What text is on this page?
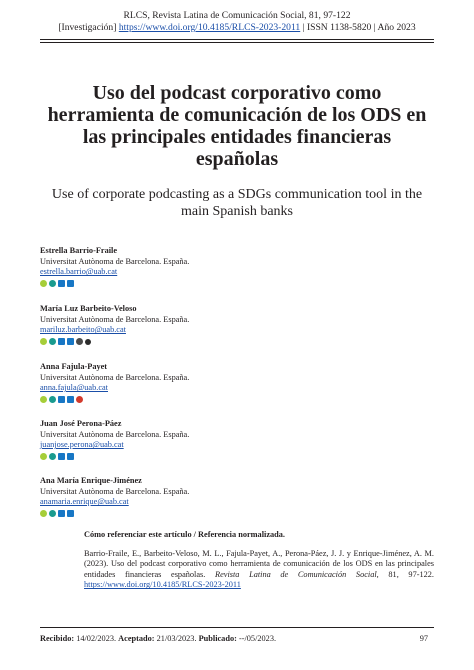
RLCS, Revista Latina de Comunicación Social, 81, 97-122
[Investigación] https://www.doi.org/10.4185/RLCS-2023-2011 | ISSN 1138-5820 | Año 2023
Uso del podcast corporativo como herramienta de comunicación de los ODS en las principales entidades financieras españolas

Use of corporate podcasting as a SDGs communication tool in the main Spanish banks

Estrella Barrio-Fraile
Universitat Autònoma de Barcelona. España.
estrella.barrio@uab.cat
María Luz Barbeito-Veloso
Universitat Autònoma de Barcelona. España.
mariluz.barbeito@uab.cat
Anna Fajula-Payet
Universitat Autònoma de Barcelona. España.
anna.fajula@uab.cat
Juan José Perona-Páez
Universitat Autònoma de Barcelona. España.
juanjose.perona@uab.cat
Ana María Enrique-Jiménez
Universitat Autònoma de Barcelona. España.
anamaria.enrique@uab.cat
Cómo referenciar este artículo / Referencia normalizada.

Barrio-Fraile, E., Barbeito-Veloso, M. L., Fajula-Payet, A., Perona-Páez, J. J. y Enrique-Jiménez, A. M. (2023). Uso del podcast corporativo como herramienta de comunicación de los ODS en las principales entidades financieras españolas. Revista Latina de Comunicación Social, 81, 97-122. https://www.doi.org/10.4185/RLCS-2023-2011

Recibido: 14/02/2023. Aceptado: 21/03/2023. Publicado: --/05/2023.	97
